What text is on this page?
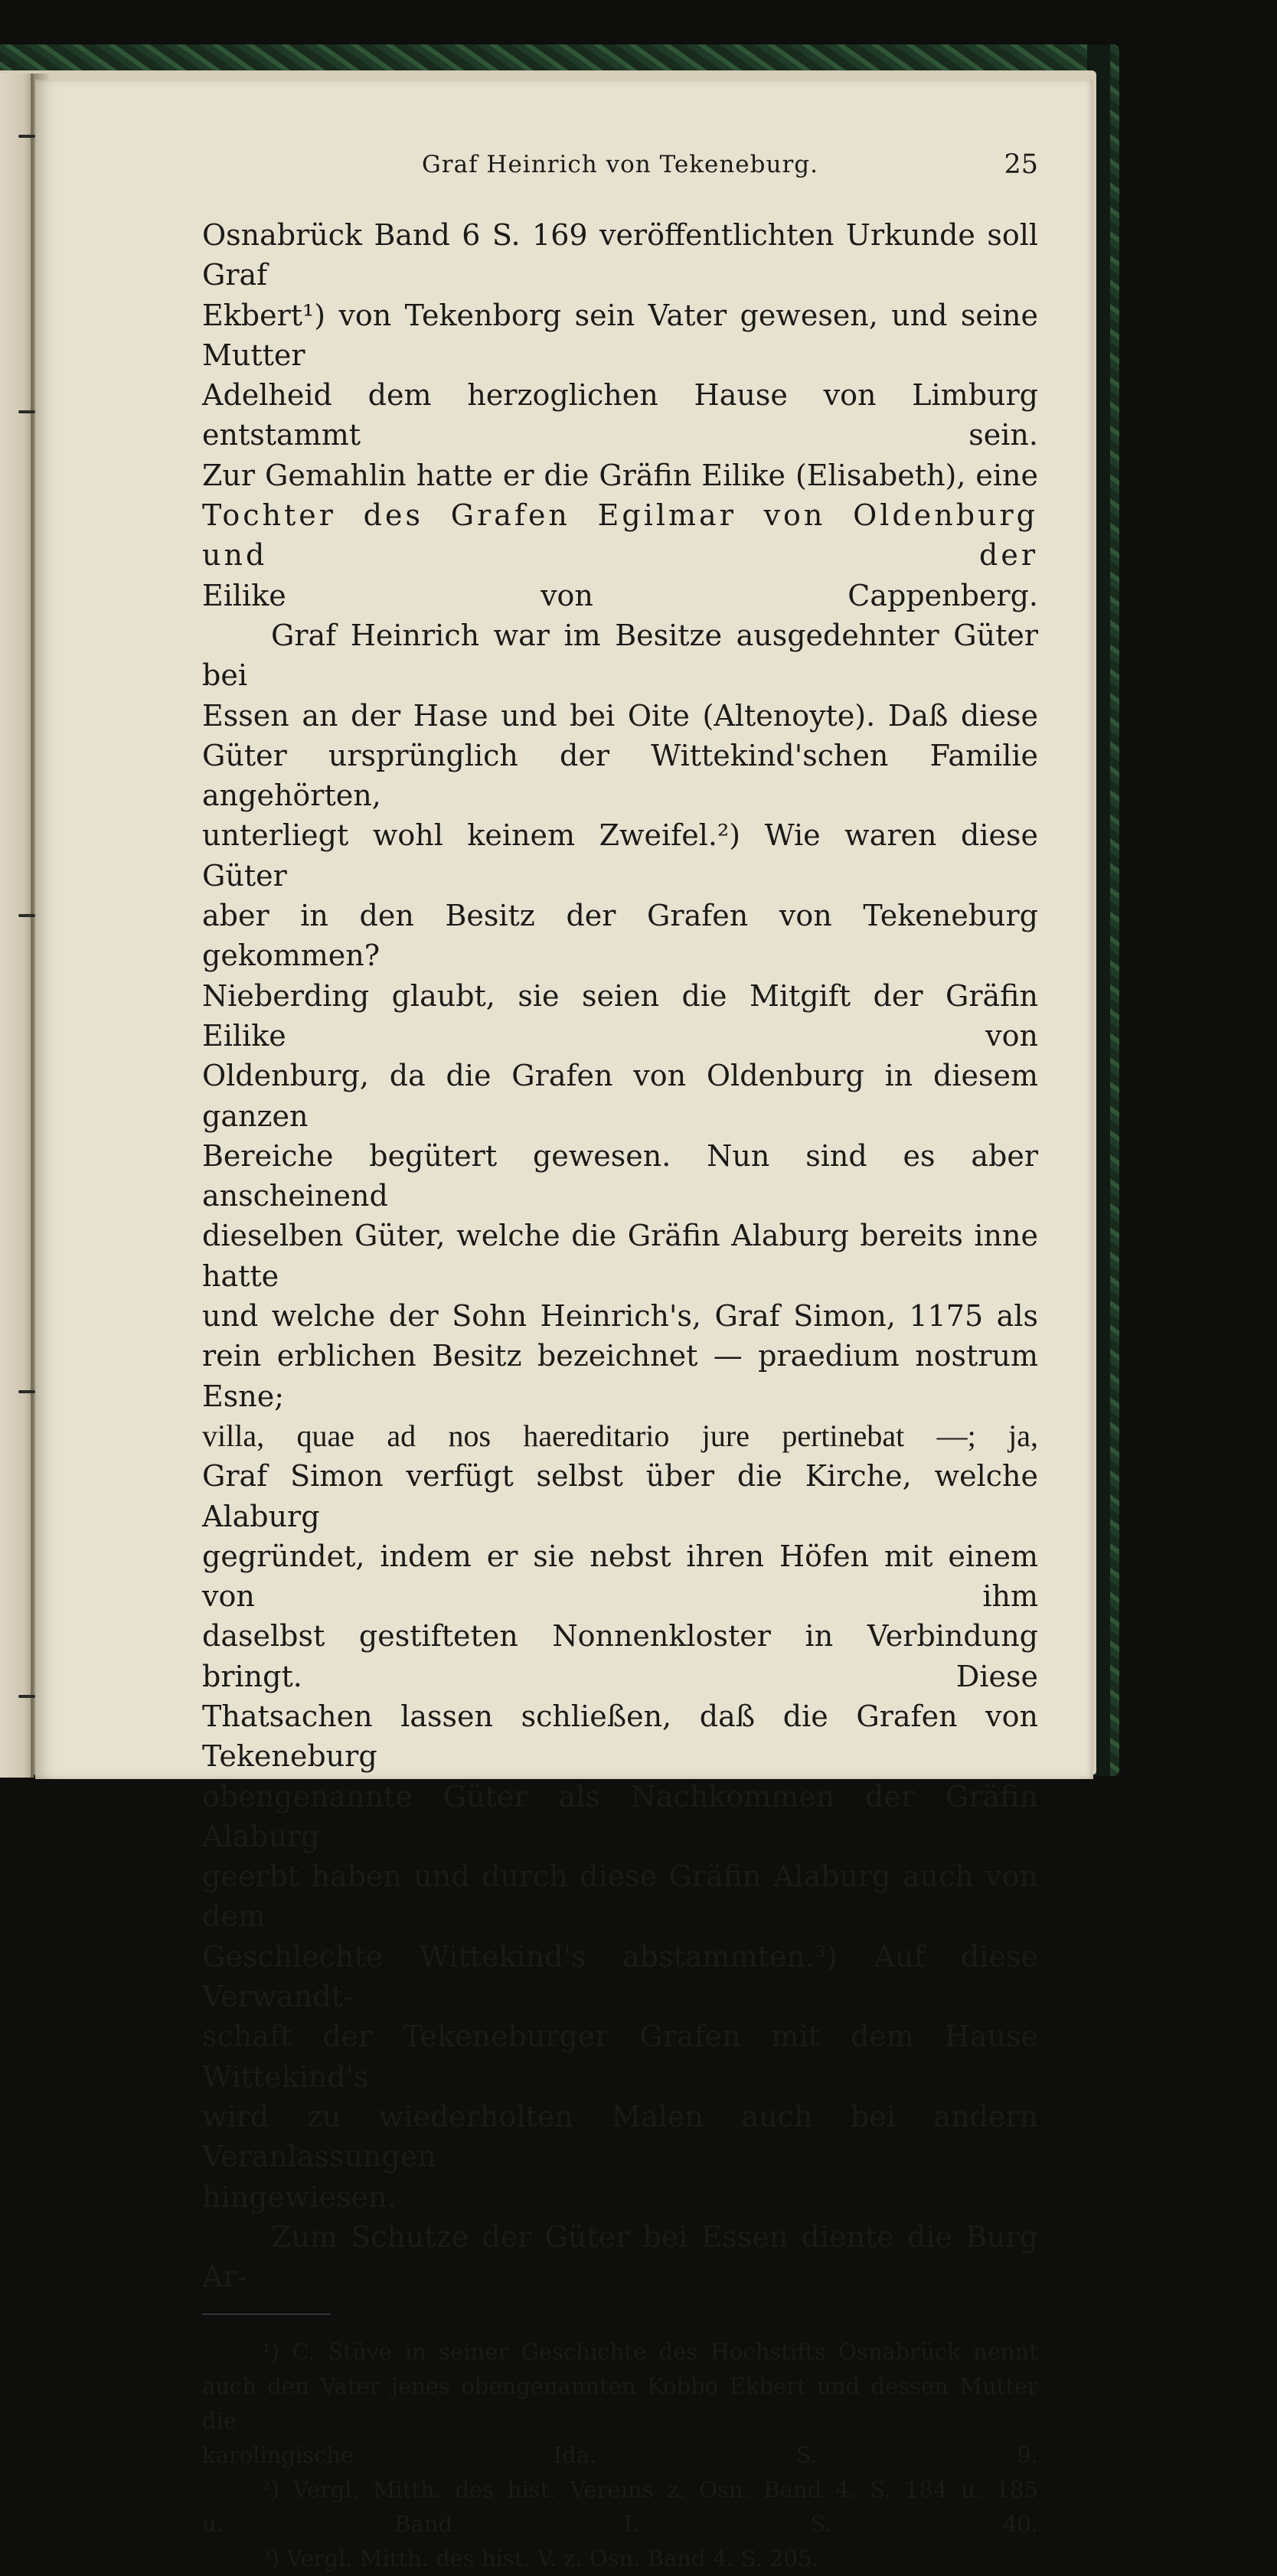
Graf Heinrich von Tekeneburg.	25

Osnabrück Band 6 S. 169 veröffentlichten Urkunde soll Graf
Ekbert¹) von Tekenborg sein Vater gewesen, und seine Mutter
Adelheid dem herzoglichen Hause von Limburg entstammt sein.
Zur Gemahlin hatte er die Gräfin Eilike (Elisabeth), eine
Tochter des Grafen Egilmar von Oldenburg und der
Eilike von Cappenberg.

Graf Heinrich war im Besitze ausgedehnter Güter bei
Essen an der Hase und bei Oite (Altenoyte). Daß diese
Güter ursprünglich der Wittekind'schen Familie angehörten,
unterliegt wohl keinem Zweifel.²) Wie waren diese Güter
aber in den Besitz der Grafen von Tekeneburg gekommen?
Nieberding glaubt, sie seien die Mitgift der Gräfin Eilike von
Oldenburg, da die Grafen von Oldenburg in diesem ganzen
Bereiche begütert gewesen. Nun sind es aber anscheinend
dieselben Güter, welche die Gräfin Alaburg bereits inne hatte
und welche der Sohn Heinrich's, Graf Simon, 1175 als
rein erblichen Besitz bezeichnet — praedium nostrum Esne;
villa, quae ad nos haereditario jure pertinebat —; ja,
Graf Simon verfügt selbst über die Kirche, welche Alaburg
gegründet, indem er sie nebst ihren Höfen mit einem von ihm
daselbst gestifteten Nonnenkloster in Verbindung bringt. Diese
Thatsachen lassen schließen, daß die Grafen von Tekeneburg
obengenannte Güter als Nachkommen der Gräfin Alaburg
geerbt haben und durch diese Gräfin Alaburg auch von dem
Geschlechte Wittekind's abstammten.³) Auf diese Verwandt-
schaft der Tekeneburger Grafen mit dem Hause Wittekind's
wird zu wiederholten Malen auch bei andern Veranlassungen
hingewiesen.

Zum Schutze der Güter bei Essen diente die Burg Ar-

¹) C. Stüve in seiner Geschichte des Hochstifts Osnabrück nennt
auch den Vater jenes obengenannten Kobbo Ekbert und dessen Mutter die
karolingische Ida. S. 9.

²) Vergl. Mitth. des hist. Vereins z. Osn. Band 4. S. 184 u. 185
u. Band I. S. 40.

³) Vergl. Mitth. des hist. V. z. Osn. Band 4. S. 205.
